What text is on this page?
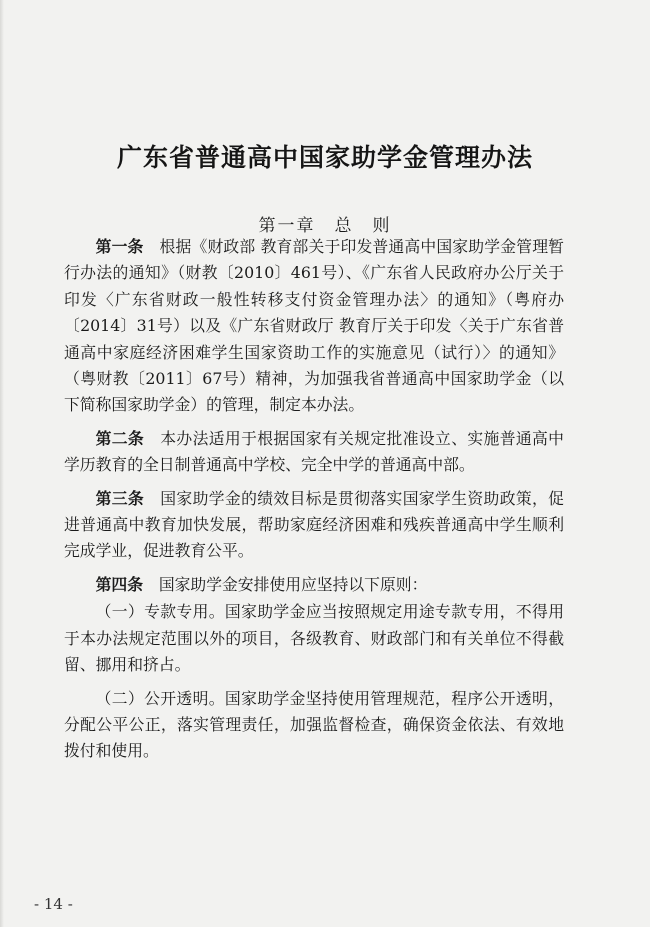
广东省普通高中国家助学金管理办法
第一章　总　则

第一条　 根据《财政部 教育部关于印发普通高中国家助学金管理暂行办法的通知》（财教〔2010〕461号）、《广东省人民政府办公厅关于印发〈广东省财政一般性转移支付资金管理办法〉的通知》（粤府办〔2014〕31号）以及《广东省财政厅 教育厅关于印发〈关于广东省普通高中家庭经济困难学生国家资助工作的实施意见（试行）〉的通知》（粤财教〔2011〕67号）精神，为加强我省普通高中国家助学金（以下简称国家助学金）的管理，制定本办法。

第二条　 本办法适用于根据国家有关规定批准设立、实施普通高中学历教育的全日制普通高中学校、完全中学的普通高中部。

第三条　 国家助学金的绩效目标是贯彻落实国家学生资助政策，促进普通高中教育加快发展，帮助家庭经济困难和残疾普通高中学生顺利完成学业，促进教育公平。

第四条　 国家助学金安排使用应坚持以下原则：

（一）专款专用。国家助学金应当按照规定用途专款专用，不得用于本办法规定范围以外的项目，各级教育、财政部门和有关单位不得截留、挪用和挤占。

（二）公开透明。国家助学金坚持使用管理规范，程序公开透明，分配公平公正，落实管理责任，加强监督检查，确保资金依法、有效地拨付和使用。

- 14 -
